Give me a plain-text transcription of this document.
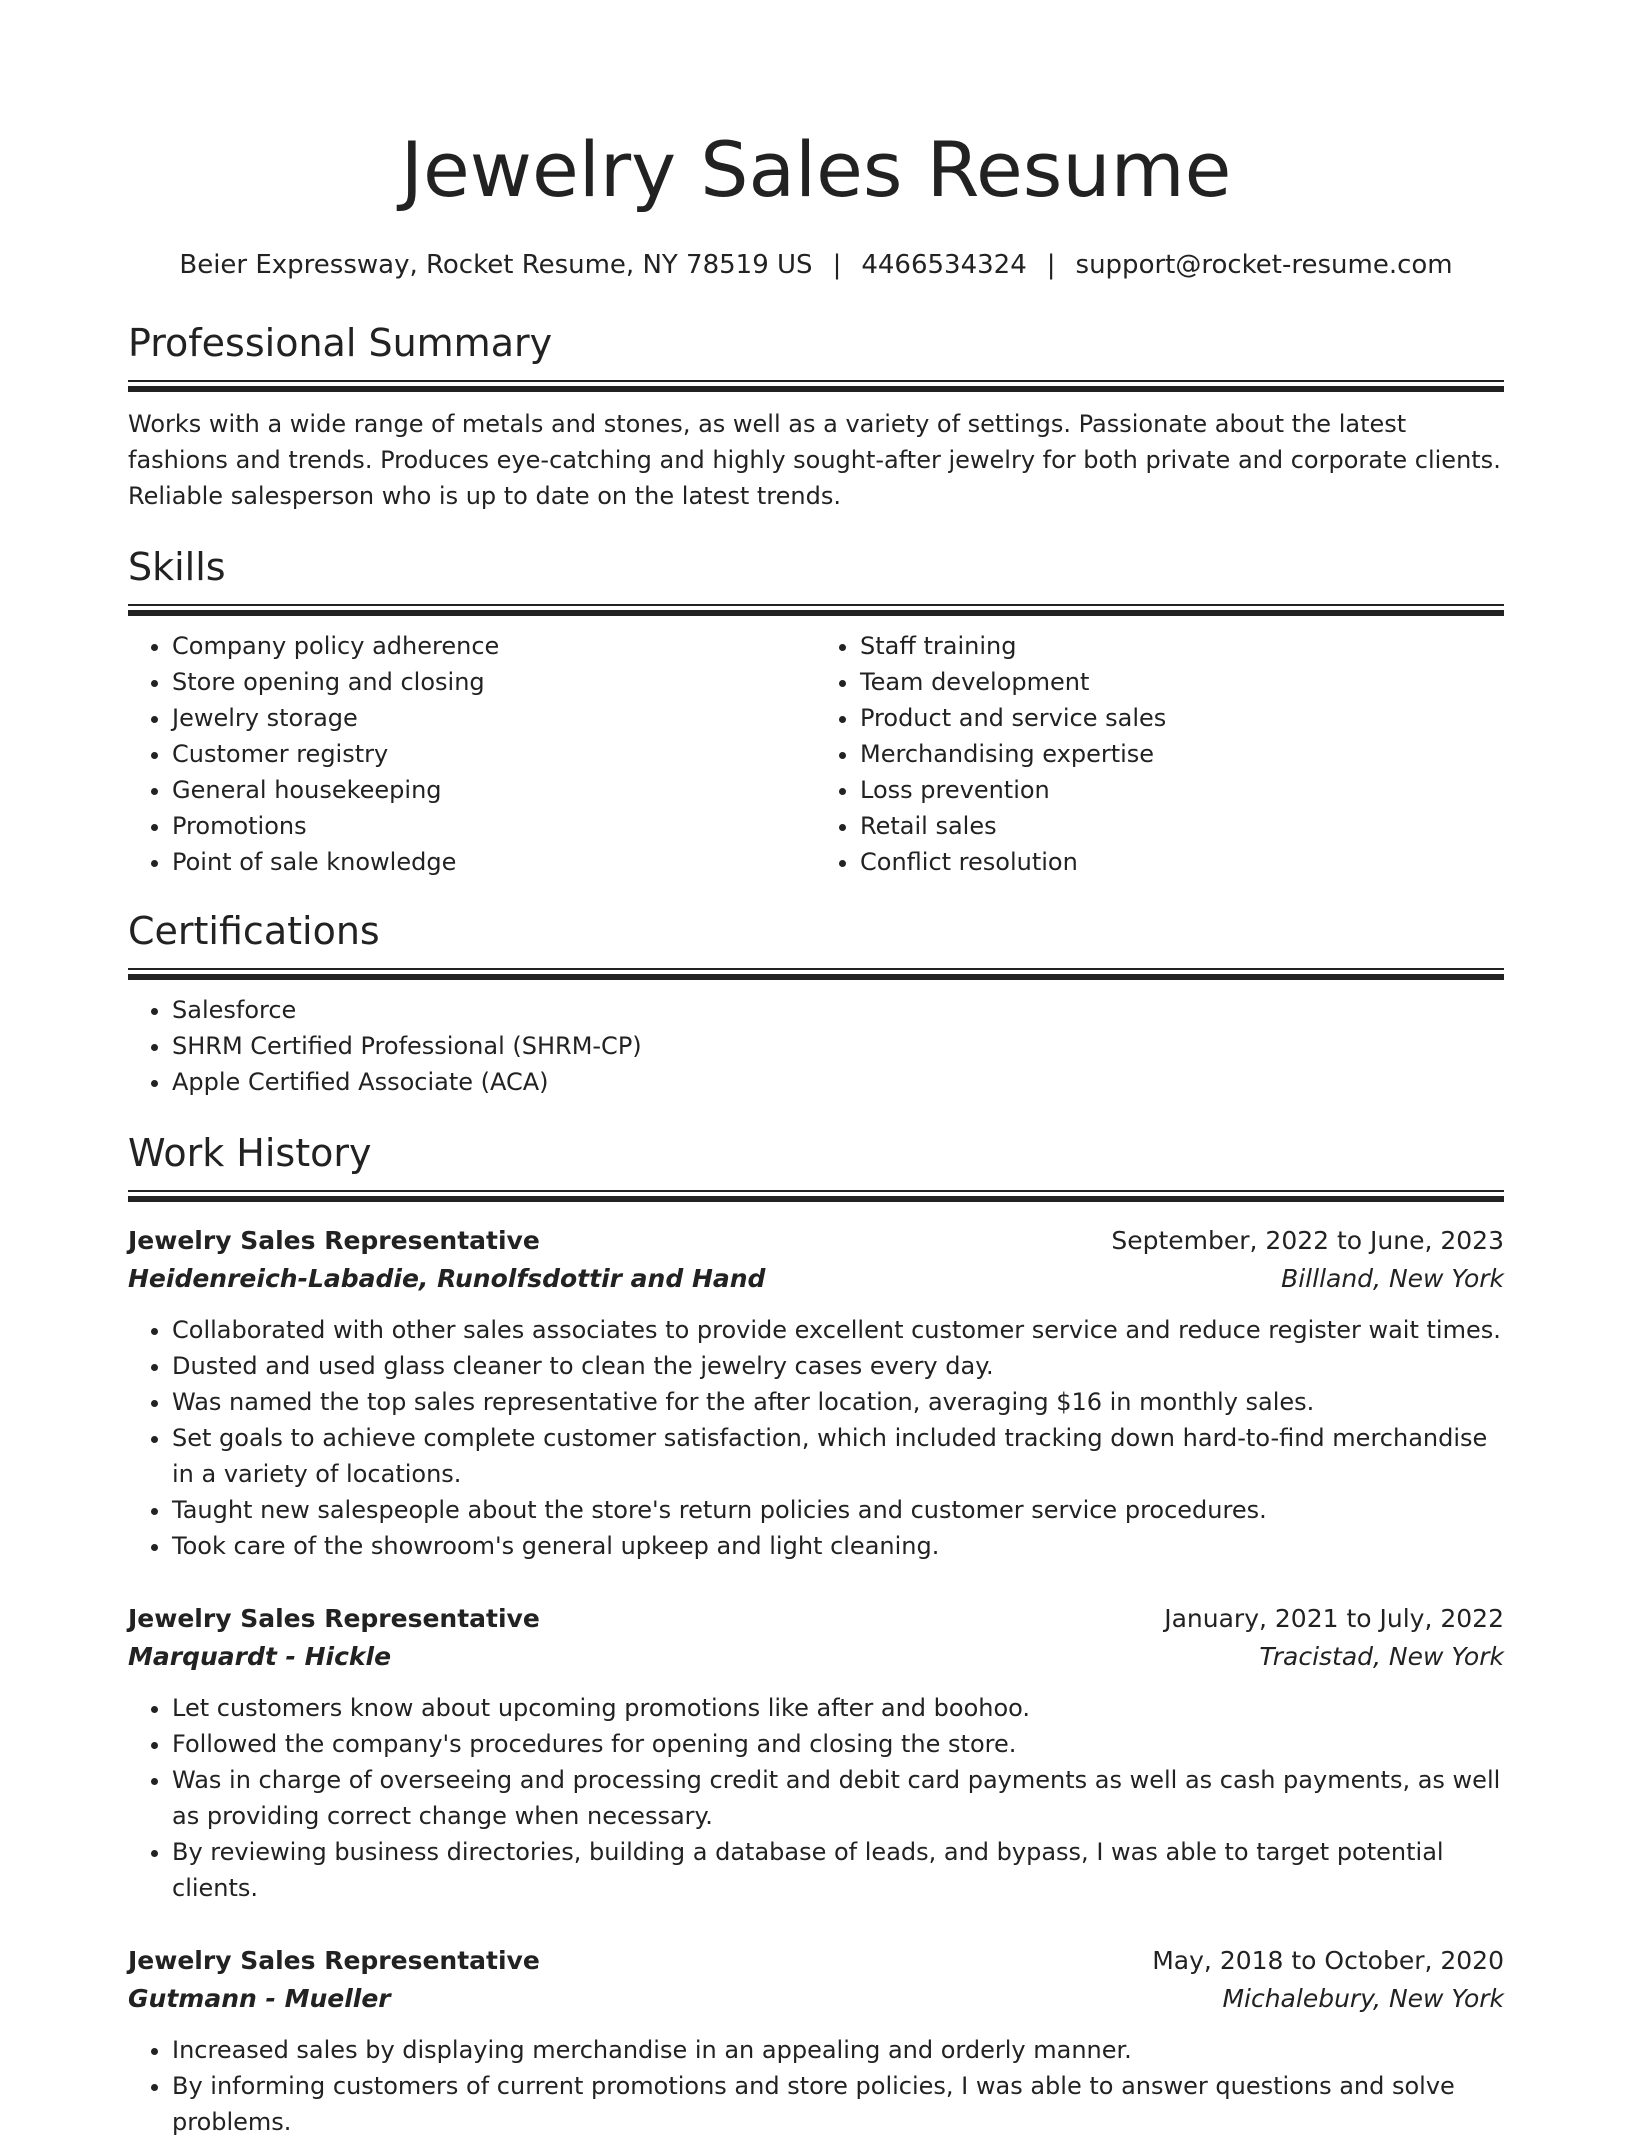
Jewelry Sales Resume
Beier Expressway, Rocket Resume, NY 78519 US | 4466534324 | support@rocket-resume.com
Professional Summary
Works with a wide range of metals and stones, as well as a variety of settings. Passionate about the latest fashions and trends. Produces eye-catching and highly sought-after jewelry for both private and corporate clients. Reliable salesperson who is up to date on the latest trends.
Skills
• Company policy adherence
• Store opening and closing
• Jewelry storage
• Customer registry
• General housekeeping
• Promotions
• Point of sale knowledge
• Staff training
• Team development
• Product and service sales
• Merchandising expertise
• Loss prevention
• Retail sales
• Conflict resolution
Certifications
• Salesforce
• SHRM Certified Professional (SHRM-CP)
• Apple Certified Associate (ACA)
Work History
Jewelry Sales Representative	September, 2022 to June, 2023
Heidenreich-Labadie, Runolfsdottir and Hand	Billland, New York
• Collaborated with other sales associates to provide excellent customer service and reduce register wait times.
• Dusted and used glass cleaner to clean the jewelry cases every day.
• Was named the top sales representative for the after location, averaging $16 in monthly sales.
• Set goals to achieve complete customer satisfaction, which included tracking down hard-to-find merchandise in a variety of locations.
• Taught new salespeople about the store's return policies and customer service procedures.
• Took care of the showroom's general upkeep and light cleaning.
Jewelry Sales Representative	January, 2021 to July, 2022
Marquardt - Hickle	Tracistad, New York
• Let customers know about upcoming promotions like after and boohoo.
• Followed the company's procedures for opening and closing the store.
• Was in charge of overseeing and processing credit and debit card payments as well as cash payments, as well as providing correct change when necessary.
• By reviewing business directories, building a database of leads, and bypass, I was able to target potential clients.
Jewelry Sales Representative	May, 2018 to October, 2020
Gutmann - Mueller	Michalebury, New York
• Increased sales by displaying merchandise in an appealing and orderly manner.
• By informing customers of current promotions and store policies, I was able to answer questions and solve problems.
